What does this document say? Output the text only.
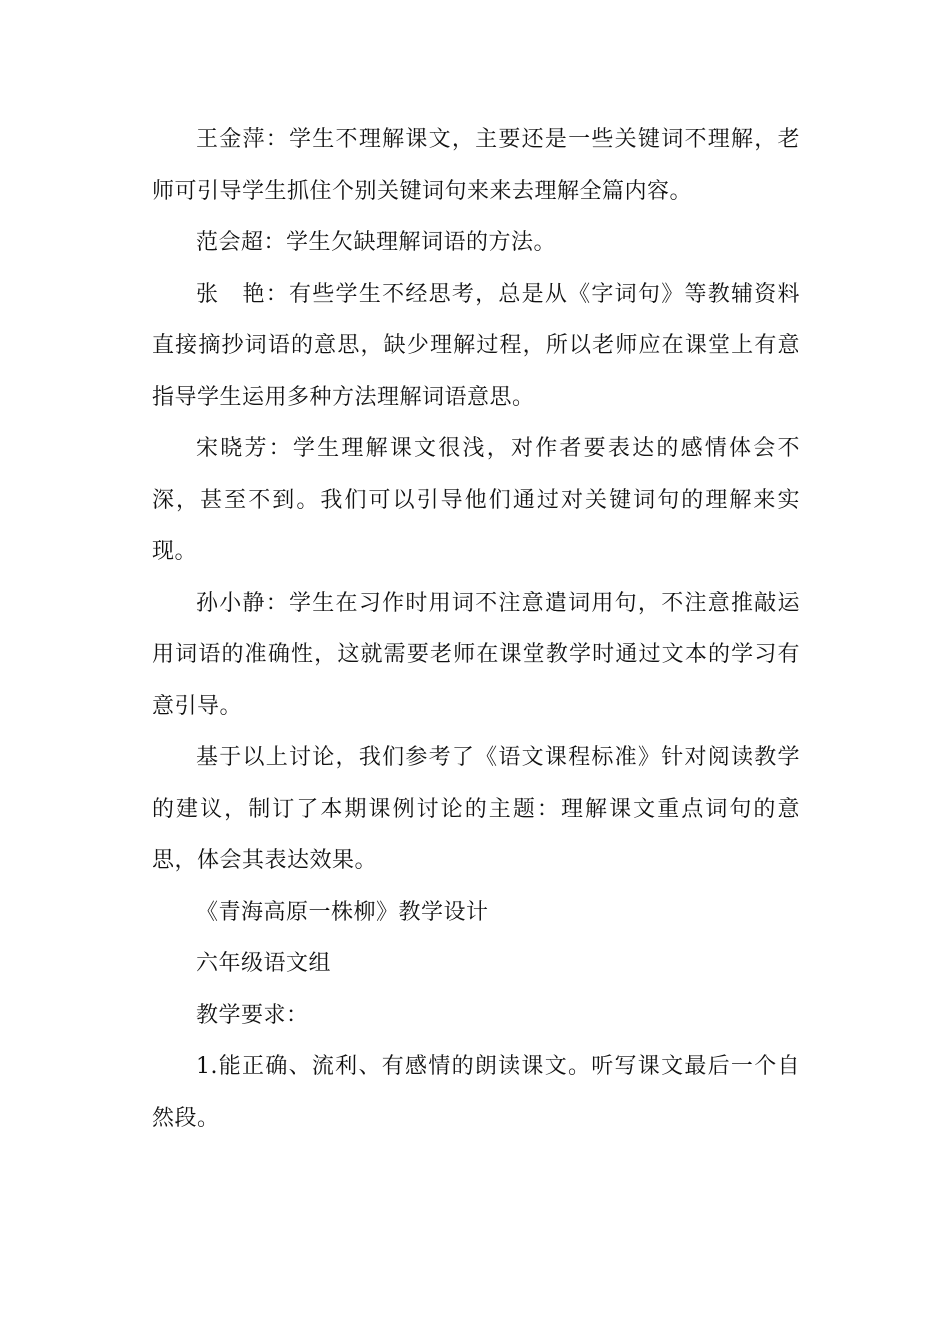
王金萍：学生不理解课文，主要还是一些关键词不理解，老师可引导学生抓住个别关键词句来来去理解全篇内容。

范会超：学生欠缺理解词语的方法。

张　艳：有些学生不经思考，总是从《字词句》等教辅资料直接摘抄词语的意思，缺少理解过程，所以老师应在课堂上有意指导学生运用多种方法理解词语意思。

宋晓芳：学生理解课文很浅，对作者要表达的感情体会不深，甚至不到。我们可以引导他们通过对关键词句的理解来实现。

孙小静：学生在习作时用词不注意遣词用句，不注意推敲运用词语的准确性，这就需要老师在课堂教学时通过文本的学习有意引导。

基于以上讨论，我们参考了《语文课程标准》针对阅读教学的建议，制订了本期课例讨论的主题：理解课文重点词句的意思，体会其表达效果。

《青海高原一株柳》教学设计

六年级语文组

教学要求：

1.能正确、流利、有感情的朗读课文。听写课文最后一个自然段。
